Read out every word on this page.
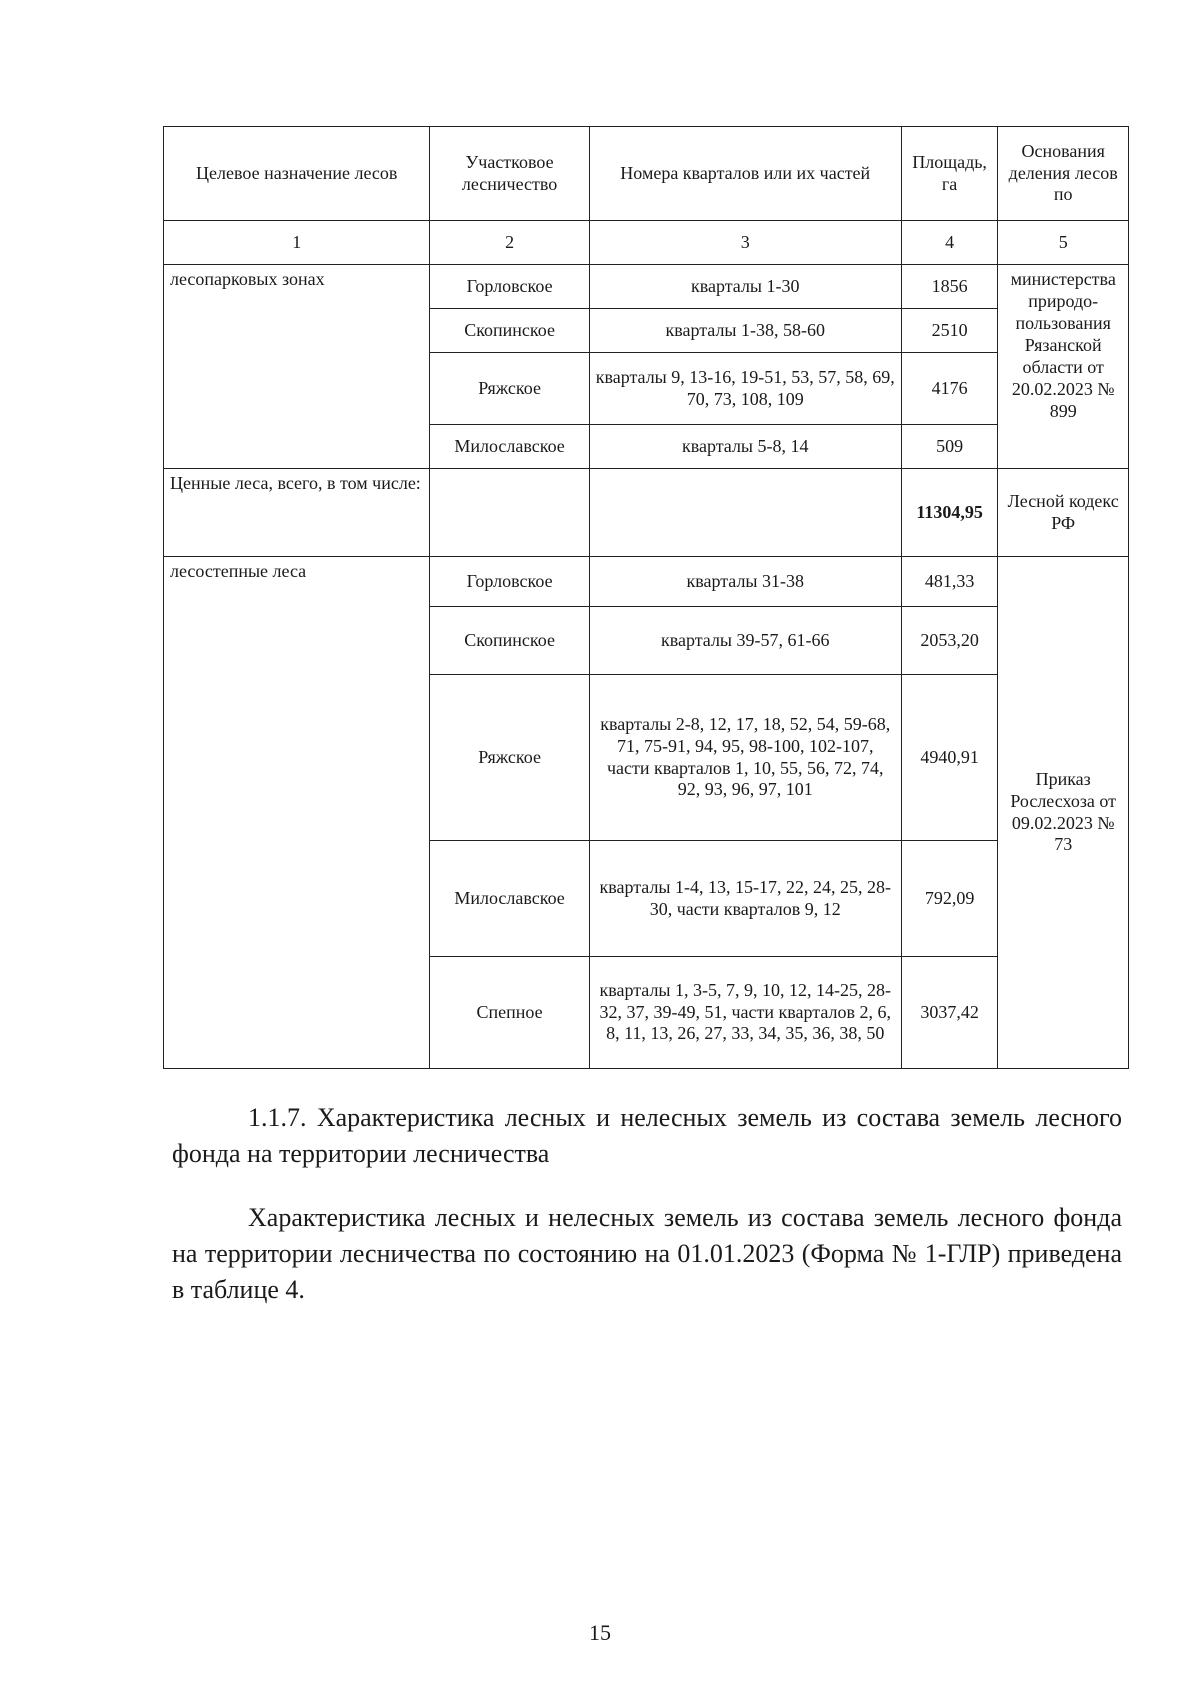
Целевое назначение лесов	Участковое лесничество	Номера кварталов или их частей	Площадь, га	Основания деления лесов по
1	2	3	4	5
лесопарковых зонах	Горловское	кварталы 1-30	1856	министерства природо-пользования Рязанской области от 20.02.2023 № 899
	Скопинское	кварталы 1-38, 58-60	2510	
	Ряжское	кварталы 9, 13-16, 19-51, 53, 57, 58, 69, 70, 73, 108, 109	4176	
	Милославское	кварталы 5-8, 14	509	
Ценные леса, всего, в том числе:			11304,95	Лесной кодекс РФ
лесостепные леса	Горловское	кварталы 31-38	481,33	Приказ Рослесхоза от 09.02.2023 № 73
	Скопинское	кварталы 39-57, 61-66	2053,20	
	Ряжское	кварталы 2-8, 12, 17, 18, 52, 54, 59-68, 71, 75-91, 94, 95, 98-100, 102-107, части кварталов 1, 10, 55, 56, 72, 74, 92, 93, 96, 97, 101	4940,91	
	Милославское	кварталы 1-4, 13, 15-17, 22, 24, 25, 28-30, части кварталов 9, 12	792,09	
	Спепное	кварталы 1, 3-5, 7, 9, 10, 12, 14-25, 28-32, 37, 39-49, 51, части кварталов 2, 6, 8, 11, 13, 26, 27, 33, 34, 35, 36, 38, 50	3037,42	

1.1.7. Характеристика лесных и нелесных земель из состава земель лесного фонда на территории лесничества

Характеристика лесных и нелесных земель из состава земель лесного фонда на территории лесничества по состоянию на 01.01.2023 (Форма № 1-ГЛР) приведена в таблице 4.

15
